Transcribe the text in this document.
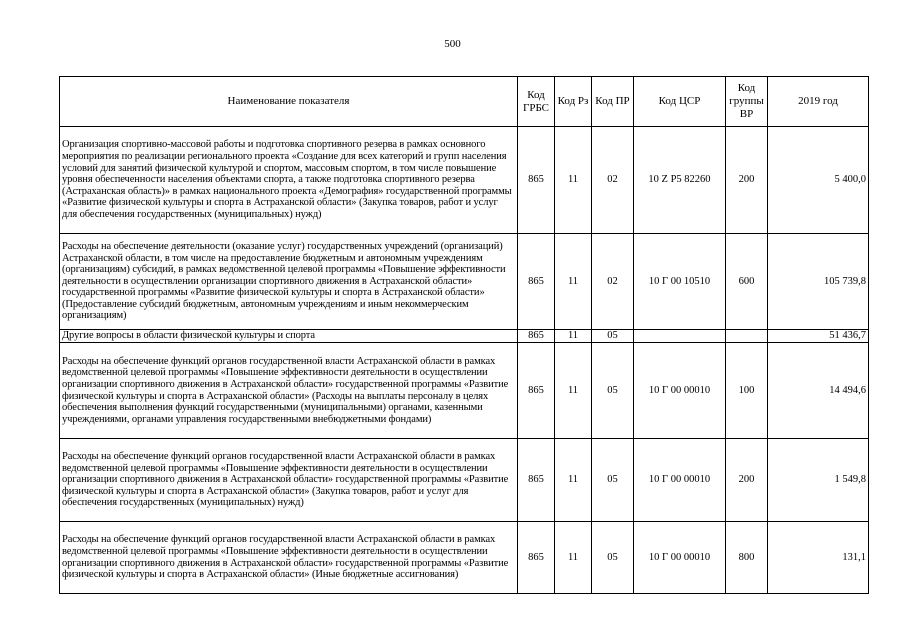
500
Наименование показателя	Код ГРБС	Код Рз	Код ПР	Код ЦСР	Код группы ВР	2019 год
Организация спортивно-массовой работы и подготовка спортивного резерва в рамках основного мероприятия по реализации регионального проекта «Создание для всех категорий и групп населения условий для занятий физической культурой и спортом, массовым спортом, в том числе повышение уровня обеспеченности населения объектами спорта, а также подготовка спортивного резерва (Астраханская область)» в рамках национального проекта «Демография» государственной программы «Развитие физической культуры и спорта в Астраханской области» (Закупка товаров, работ и услуг для обеспечения государственных (муниципальных) нужд)	865	11	02	10 Z P5 82260	200	5 400,0
Расходы на обеспечение деятельности (оказание услуг) государственных учреждений (организаций) Астраханской области, в том числе на предоставление бюджетным и автономным учреждениям (организациям) субсидий, в рамках ведомственной целевой программы «Повышение эффективности деятельности в осуществлении организации спортивного движения в Астраханской области» государственной программы «Развитие физической культуры и спорта в Астраханской области» (Предоставление субсидий бюджетным, автономным учреждениям и иным некоммерческим организациям)	865	11	02	10 Г 00 10510	600	105 739,8
Другие вопросы в области физической культуры и спорта	865	11	05			51 436,7
Расходы на обеспечение функций органов государственной власти Астраханской области в рамках ведомственной целевой программы «Повышение эффективности деятельности в осуществлении организации спортивного движения в Астраханской области» государственной программы «Развитие физической культуры и спорта в Астраханской области» (Расходы на выплаты персоналу в целях обеспечения выполнения функций государственными (муниципальными) органами, казенными учреждениями, органами управления государственными внебюджетными фондами)	865	11	05	10 Г 00 00010	100	14 494,6
Расходы на обеспечение функций органов государственной власти Астраханской области в рамках ведомственной целевой программы «Повышение эффективности деятельности в осуществлении организации спортивного движения в Астраханской области» государственной программы «Развитие физической культуры и спорта в Астраханской области» (Закупка товаров, работ и услуг для обеспечения государственных (муниципальных) нужд)	865	11	05	10 Г 00 00010	200	1 549,8
Расходы на обеспечение функций органов государственной власти Астраханской области в рамках ведомственной целевой программы «Повышение эффективности деятельности в осуществлении организации спортивного движения в Астраханской области» государственной программы «Развитие физической культуры и спорта в Астраханской области» (Иные бюджетные ассигнования)	865	11	05	10 Г 00 00010	800	131,1
